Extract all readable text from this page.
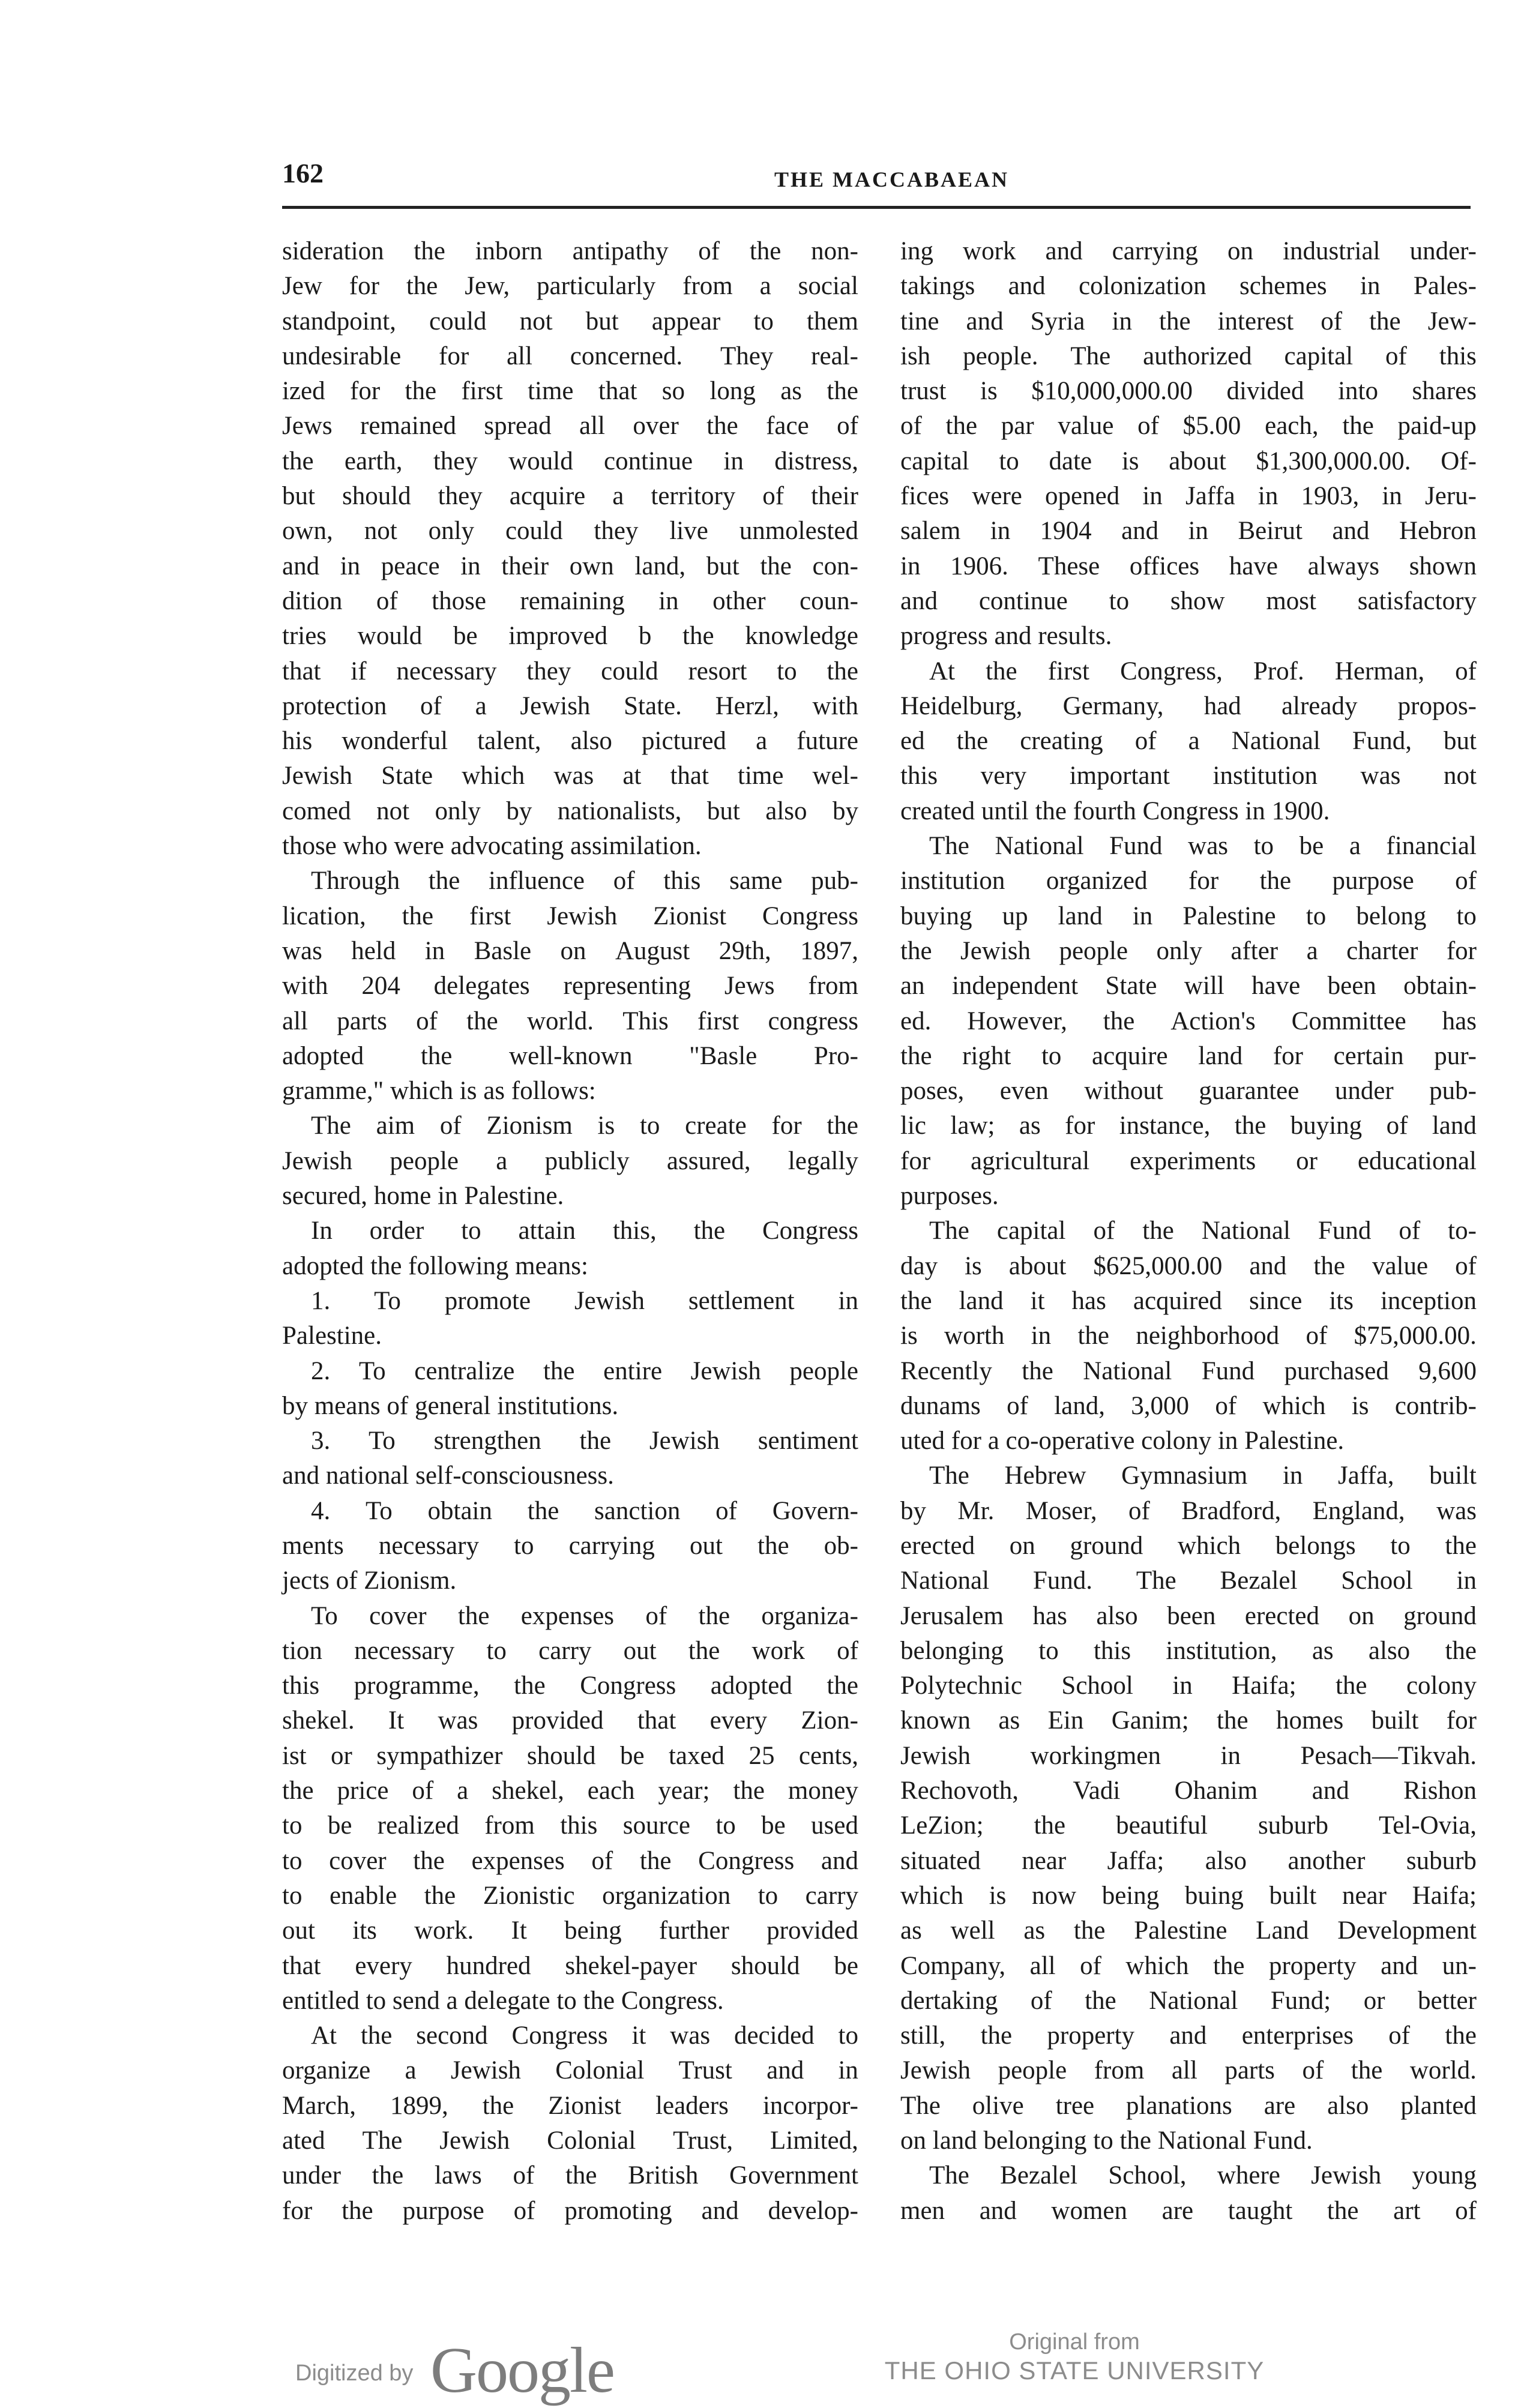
162	THE MACCABAEAN
sideration the inborn antipathy of the non-
Jew for the Jew, particularly from a social
standpoint, could not but appear to them
undesirable for all concerned. They real-
ized for the first time that so long as the
Jews remained spread all over the face of
the earth, they would continue in distress,
but should they acquire a territory of their
own, not only could they live unmolested
and in peace in their own land, but the con-
dition of those remaining in other coun-
tries would be improved b the knowledge
that if necessary they could resort to the
protection of a Jewish State. Herzl, with
his wonderful talent, also pictured a future
Jewish State which was at that time wel-
comed not only by nationalists, but also by
those who were advocating assimilation.
Through the influence of this same pub-
lication, the first Jewish Zionist Congress
was held in Basle on August 29th, 1897,
with 204 delegates representing Jews from
all parts of the world. This first congress
adopted the well-known "Basle Pro-
gramme," which is as follows:
The aim of Zionism is to create for the
Jewish people a publicly assured, legally
secured, home in Palestine.
In order to attain this, the Congress
adopted the following means:
1. To promote Jewish settlement in
Palestine.
2. To centralize the entire Jewish people
by means of general institutions.
3. To strengthen the Jewish sentiment
and national self-consciousness.
4. To obtain the sanction of Govern-
ments necessary to carrying out the ob-
jects of Zionism.
To cover the expenses of the organiza-
tion necessary to carry out the work of
this programme, the Congress adopted the
shekel. It was provided that every Zion-
ist or sympathizer should be taxed 25 cents,
the price of a shekel, each year; the money
to be realized from this source to be used
to cover the expenses of the Congress and
to enable the Zionistic organization to carry
out its work. It being further provided
that every hundred shekel-payer should be
entitled to send a delegate to the Congress.
At the second Congress it was decided to
organize a Jewish Colonial Trust and in
March, 1899, the Zionist leaders incorpor-
ated The Jewish Colonial Trust, Limited,
under the laws of the British Government
for the purpose of promoting and develop-
ing work and carrying on industrial under-
takings and colonization schemes in Pales-
tine and Syria in the interest of the Jew-
ish people. The authorized capital of this
trust is $10,000,000.00 divided into shares
of the par value of $5.00 each, the paid-up
capital to date is about $1,300,000.00. Of-
fices were opened in Jaffa in 1903, in Jeru-
salem in 1904 and in Beirut and Hebron
in 1906. These offices have always shown
and continue to show most satisfactory
progress and results.
At the first Congress, Prof. Herman, of
Heidelburg, Germany, had already propos-
ed the creating of a National Fund, but
this very important institution was not
created until the fourth Congress in 1900.
The National Fund was to be a financial
institution organized for the purpose of
buying up land in Palestine to belong to
the Jewish people only after a charter for
an independent State will have been obtain-
ed. However, the Action's Committee has
the right to acquire land for certain pur-
poses, even without guarantee under pub-
lic law; as for instance, the buying of land
for agricultural experiments or educational
purposes.
The capital of the National Fund of to-
day is about $625,000.00 and the value of
the land it has acquired since its inception
is worth in the neighborhood of $75,000.00.
Recently the National Fund purchased 9,600
dunams of land, 3,000 of which is contrib-
uted for a co-operative colony in Palestine.
The Hebrew Gymnasium in Jaffa, built
by Mr. Moser, of Bradford, England, was
erected on ground which belongs to the
National Fund. The Bezalel School in
Jerusalem has also been erected on ground
belonging to this institution, as also the
Polytechnic School in Haifa; the colony
known as Ein Ganim; the homes built for
Jewish workingmen in Pesach—Tikvah.
Rechovoth, Vadi Ohanim and Rishon
LeZion; the beautiful suburb Tel-Ovia,
situated near Jaffa; also another suburb
which is now being buing built near Haifa;
as well as the Palestine Land Development
Company, all of which the property and un-
dertaking of the National Fund; or better
still, the property and enterprises of the
Jewish people from all parts of the world.
The olive tree planations are also planted
on land belonging to the National Fund.
The Bezalel School, where Jewish young
men and women are taught the art of
Digitized by Google	Original from
THE OHIO STATE UNIVERSITY
